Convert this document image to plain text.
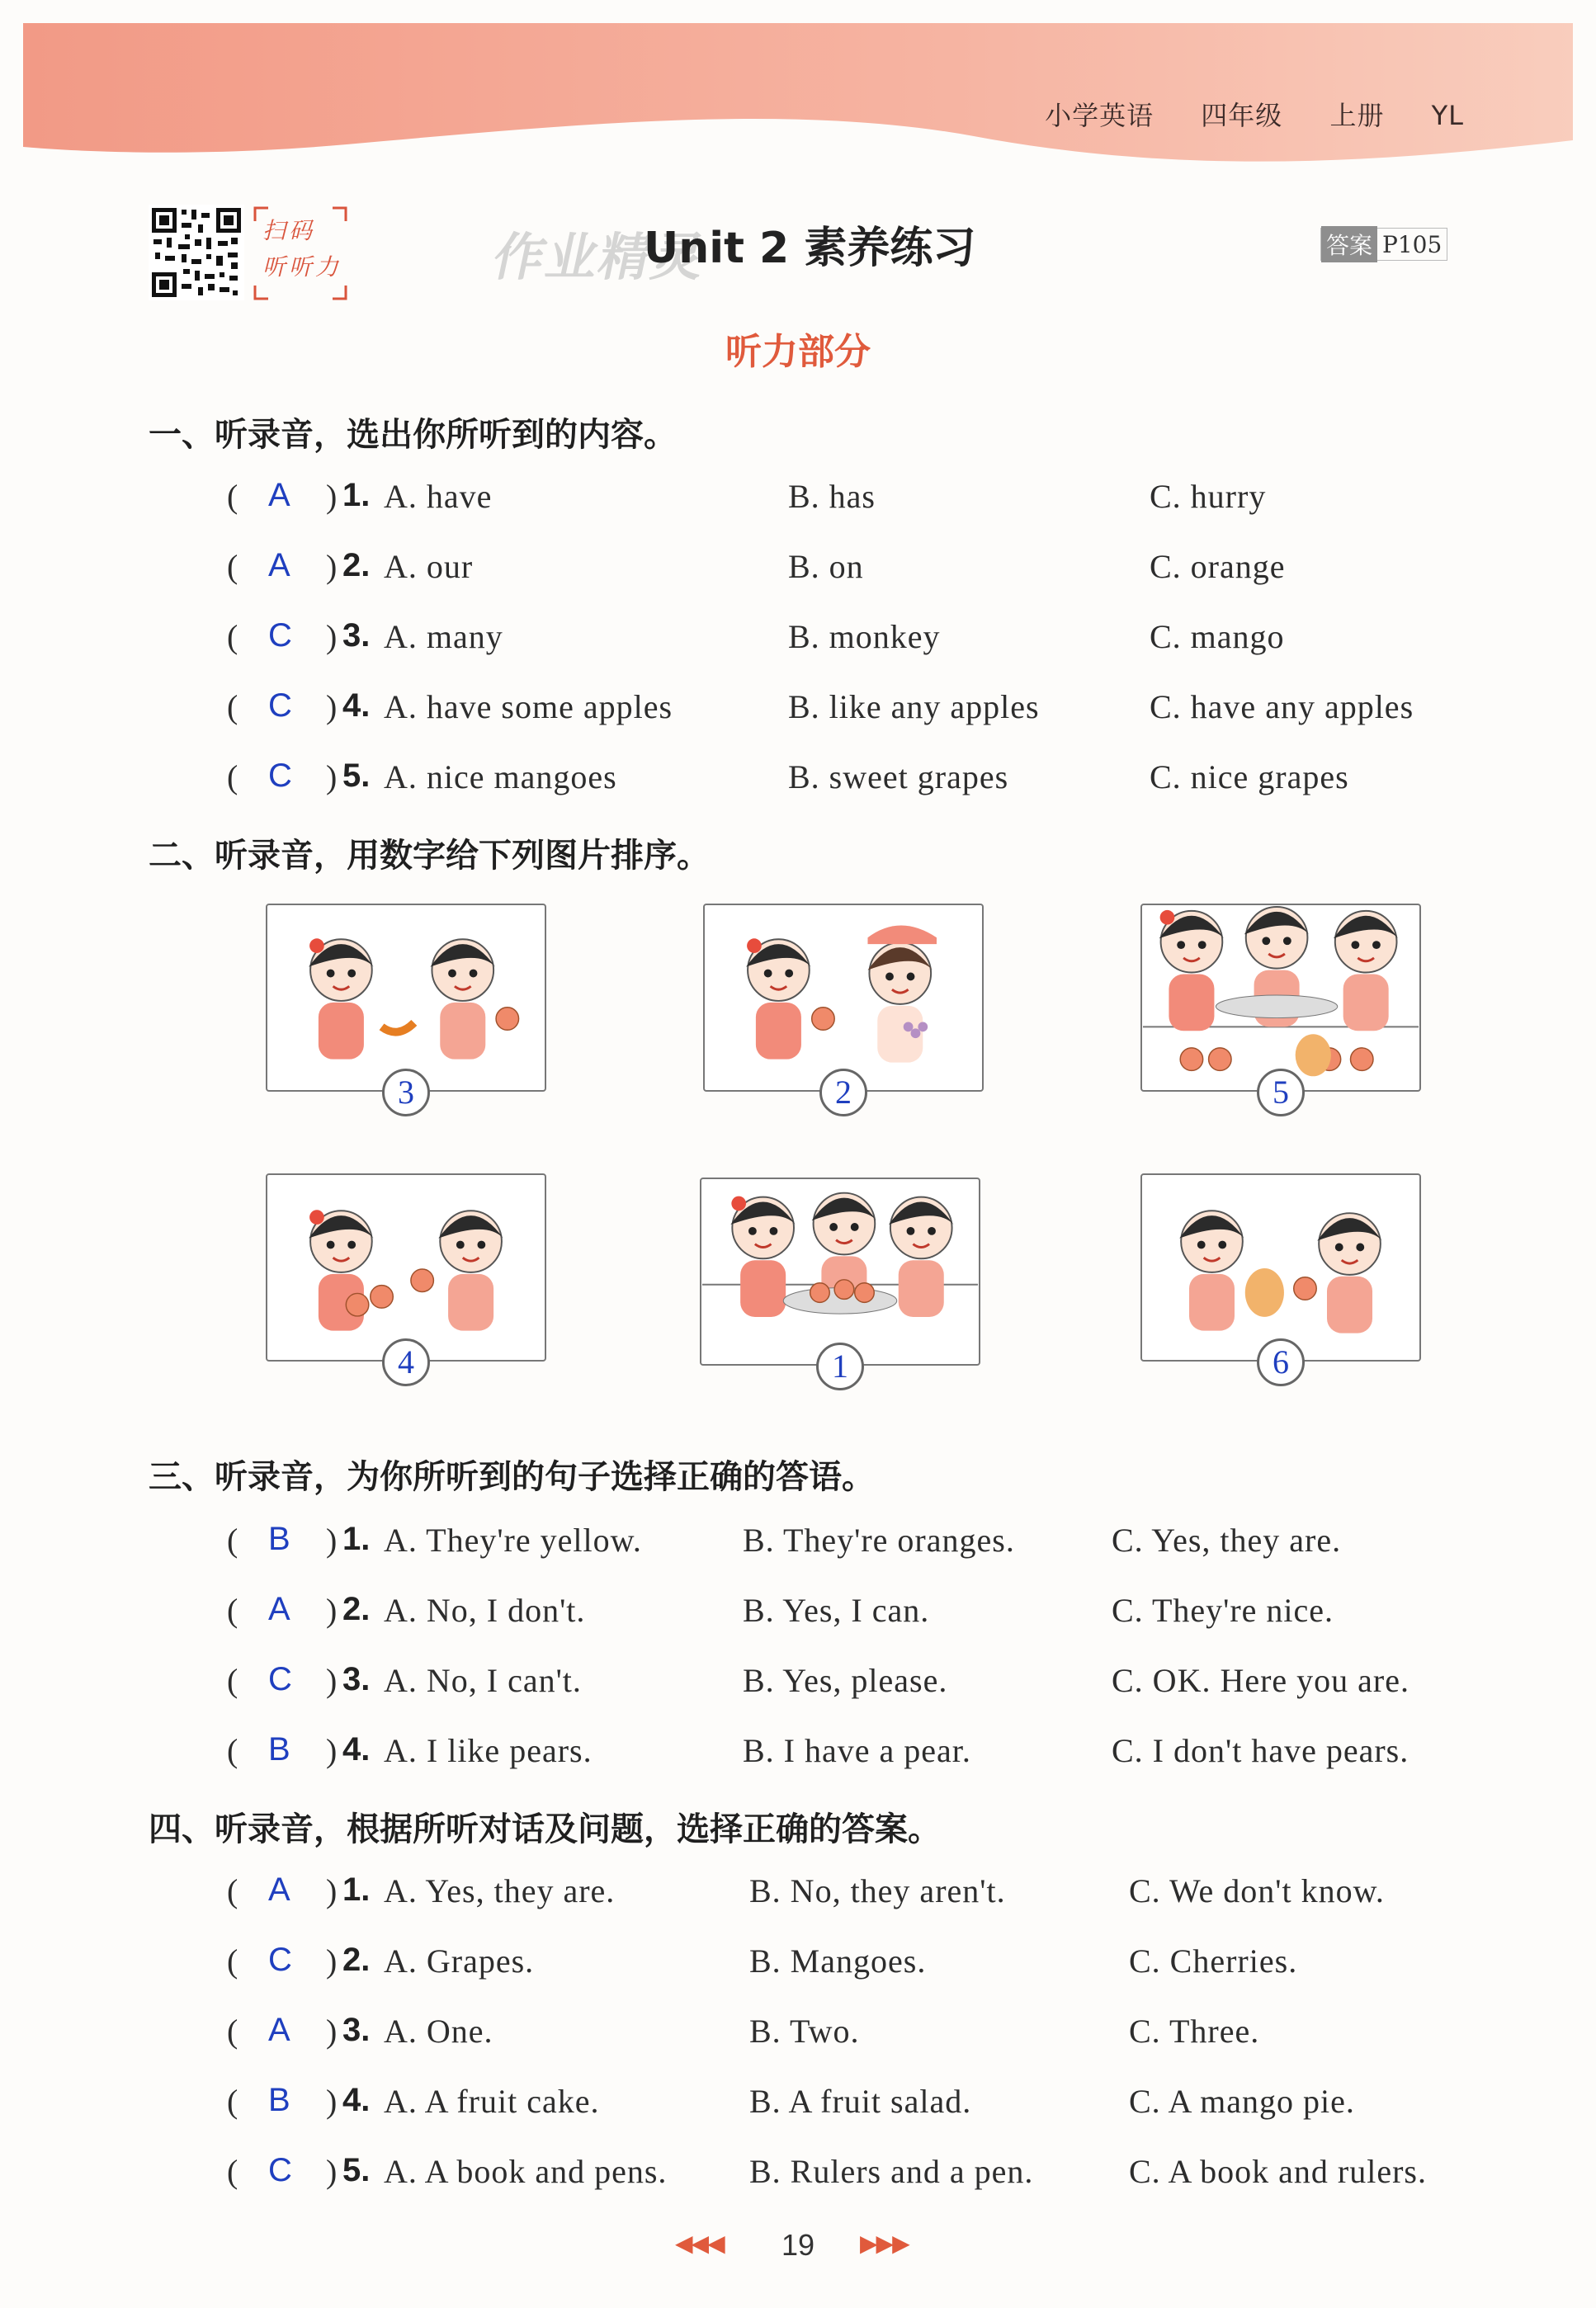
小学英语 四年级 上册 YL
扫码
听听力	作业精灵
Unit 2 素养练习	答案 P105
听力部分
一、听录音，选出你所听到的内容。
( A ) 1. A. have	B. has	C. hurry
( A ) 2. A. our	B. on	C. orange
( C ) 3. A. many	B. monkey	C. mango
( C ) 4. A. have some apples	B. like any apples	C. have any apples
( C ) 5. A. nice mangoes	B. sweet grapes	C. nice grapes
二、听录音，用数字给下列图片排序。
3	2	5
4	1	6
三、听录音，为你所听到的句子选择正确的答语。
( B ) 1. A. They're yellow.	B. They're oranges.	C. Yes, they are.
( A ) 2. A. No, I don't.	B. Yes, I can.	C. They're nice.
( C ) 3. A. No, I can't.	B. Yes, please.	C. OK. Here you are.
( B ) 4. A. I like pears.	B. I have a pear.	C. I don't have pears.
四、听录音，根据所听对话及问题，选择正确的答案。
( A ) 1. A. Yes, they are.	B. No, they aren't.	C. We don't know.
( C ) 2. A. Grapes.	B. Mangoes.	C. Cherries.
( A ) 3. A. One.	B. Two.	C. Three.
( B ) 4. A. A fruit cake.	B. A fruit salad.	C. A mango pie.
( C ) 5. A. A book and pens. B. Rulers and a pen.	C. A book and rulers.
◀◀◀	19	▶▶▶
